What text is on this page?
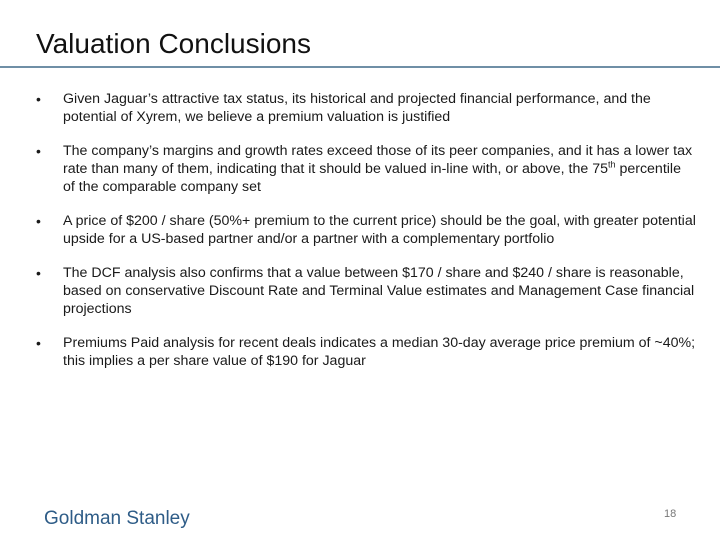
Valuation Conclusions
• Given Jaguar’s attractive tax status, its historical and projected financial performance, and the potential of Xyrem, we believe a premium valuation is justified
• The company’s margins and growth rates exceed those of its peer companies, and it has a lower tax rate than many of them, indicating that it should be valued in-line with, or above, the 75th percentile of the comparable company set
• A price of $200 / share (50%+ premium to the current price) should be the goal, with greater potential upside for a US-based partner and/or a partner with a complementary portfolio
• The DCF analysis also confirms that a value between $170 / share and $240 / share is reasonable, based on conservative Discount Rate and Terminal Value estimates and Management Case financial projections
• Premiums Paid analysis for recent deals indicates a median 30-day average price premium of ~40%; this implies a per share value of $190 for Jaguar
Goldman Stanley	18
